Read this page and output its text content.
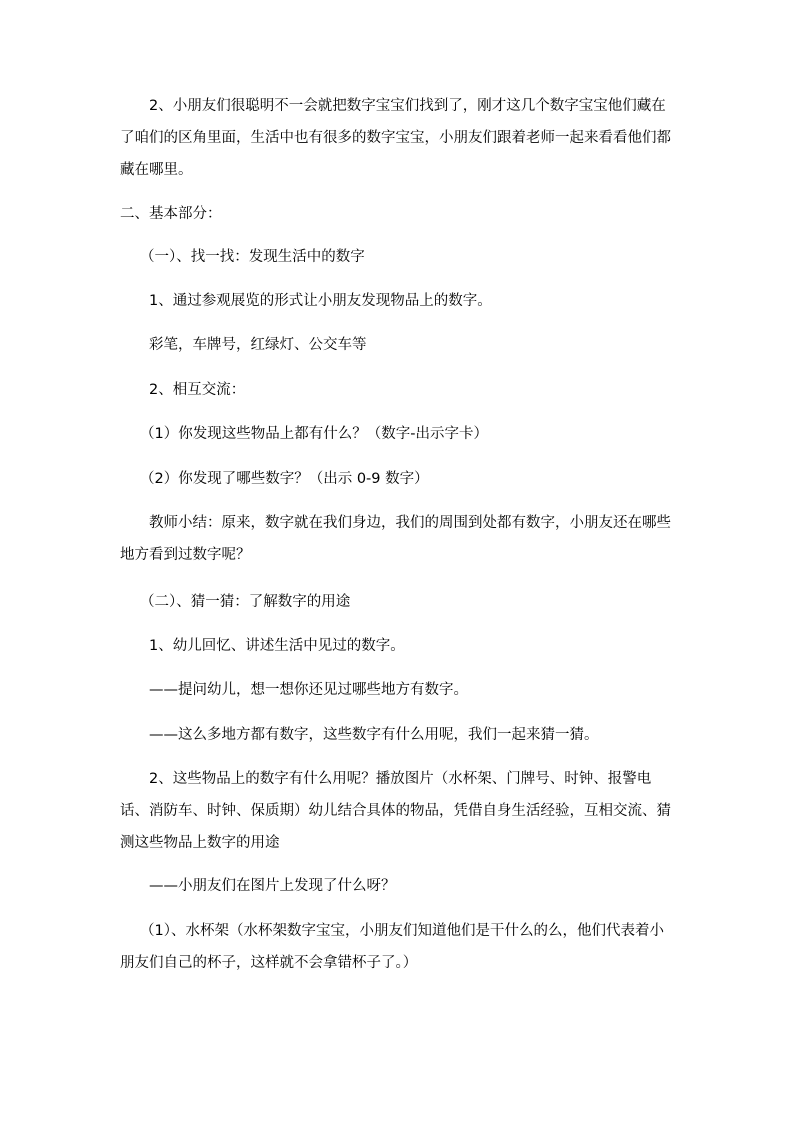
2、小朋友们很聪明不一会就把数字宝宝们找到了，刚才这几个数字宝宝他们藏在了咱们的区角里面，生活中也有很多的数字宝宝，小朋友们跟着老师一起来看看他们都藏在哪里。

二、基本部分：

（一）、找一找：发现生活中的数字

1、通过参观展览的形式让小朋友发现物品上的数字。

彩笔，车牌号，红绿灯、公交车等

2、相互交流：

（1）你发现这些物品上都有什么？（数字-出示字卡）

（2）你发现了哪些数字？（出示 0-9 数字）

教师小结：原来，数字就在我们身边，我们的周围到处都有数字，小朋友还在哪些地方看到过数字呢？

（二）、猜一猜：了解数字的用途

1、幼儿回忆、讲述生活中见过的数字。

——提问幼儿，想一想你还见过哪些地方有数字。

——这么多地方都有数字，这些数字有什么用呢，我们一起来猜一猜。

2、这些物品上的数字有什么用呢？播放图片（水杯架、门牌号、时钟、报警电话、消防车、时钟、保质期）幼儿结合具体的物品，凭借自身生活经验，互相交流、猜测这些物品上数字的用途

——小朋友们在图片上发现了什么呀？

（1）、水杯架（水杯架数字宝宝，小朋友们知道他们是干什么的么，他们代表着小朋友们自己的杯子，这样就不会拿错杯子了。）
